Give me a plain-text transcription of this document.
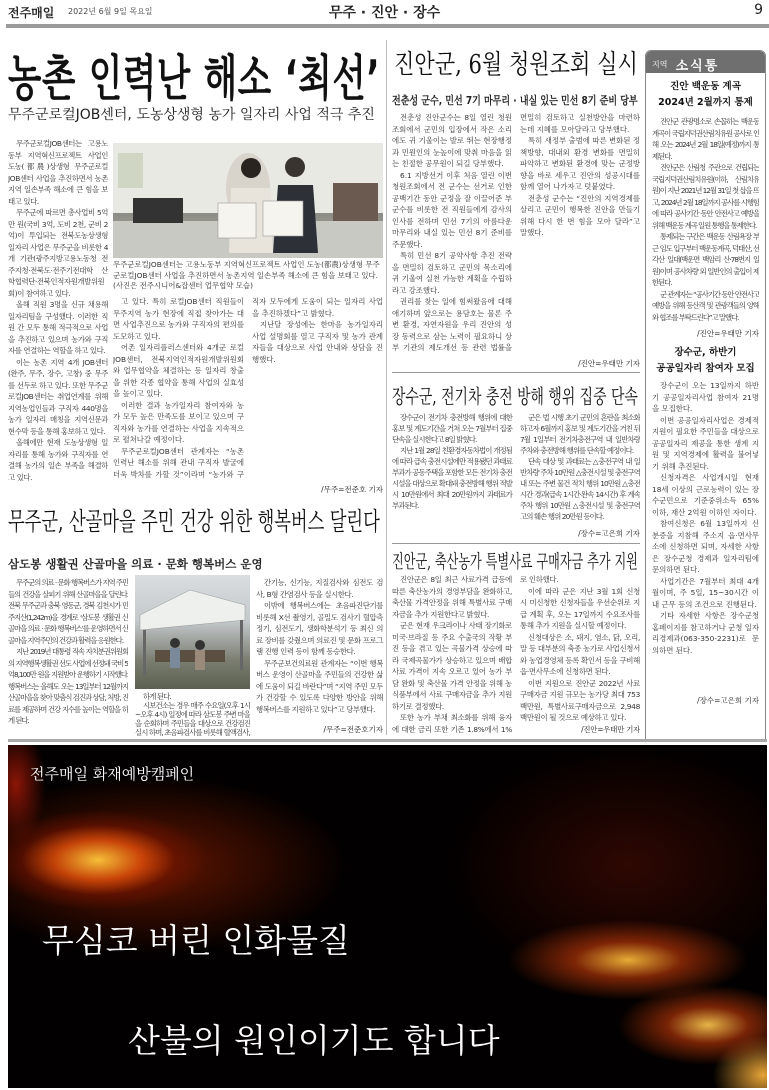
전주매일 2022년 6월 9일 목요일	무주 · 진안 · 장수	9
농촌 인력난 해소 ‘최선’
무주군로컬JOB센터, 도농상생형 농가 일자리 사업 적극 추진

무주군로컬JOB센터는 고용노동부 지역혁신프로젝트 사업인 도농(都農)상생형 무주군로컬JOB센터 사업을 추진하면서 농촌지역 일손부족 해소에 큰 힘을 보태고 있다.

무주군에 따르면 총사업비 5억 만 원(국비 3억, 도비 2천, 군비 2억)이 투입되는 전북도농상생형 일자리 사업은 무주군을 비롯한 4개 기관(광주지방고용노동청 전주지청·전북도·전주기전대학 산학협력단·전북인적자원개발위원회)이 참여하고 있다.

올해 직원 3명을 신규 채용해 일자리팀을 구성했다. 이러한 직원 간 모두 통해 적극적으로 사업을 추진하고 있으며 농가와 구직자를 연결하는 역할을 하고 있다.

이는 농촌 지역 4개 JOB센터(완주, 무주, 장수, 고창) 중 무주를 선두로 하고 있다. 또한 무주군로컬JOB센터는 취업연계를 위해 지역농업인들과 구직자 440명을 농가 일자리 매칭을 지역신문과 현수막 등을 통해 홍보하고 있다.

올해에만 현재 도농상생형 일자리를 통해 농가와 구직자를 연결해 농가의 일손 부족을 해결하고 있다.

무주군로컬JOB센터는 고용노동부 지역혁신프로젝트 사업인 도농(都農)상생형 무주군로컬JOB센터 사업을 추진하면서 농촌지역 일손부족 해소에 큰 힘을 보태고 있다.(사진은 전주시니어&잡센터 업무협약 모습)

고 있다. 특히 로컬JOB센터 직원들이 무주지역 농가 현장에 직접 찾아가는 대면 사업추진으로 농가와 구직자의 편의를 도모하고 있다.

어촌 일자리플러스센터와 4개군 로컬JOB센터, 전북지역인적자원개발위원회와 업무협약을 체결하는 등 일자리 창출을 위한 각종 협약을 통해 사업의 실효성을 높이고 있다.

이러한 결과 농가일자리 참여자와 농가 모두 높은 만족도를 보이고 있으며 구직자와 농가를 연결하는 사업을 지속적으로 펼쳐나갈 예정이다.

무주군로컬JOB센터 관계자는 “농촌 인력난 해소를 위해 관내 구직자 발굴에 더욱 박차를 가할 것”이라며 “농가와 구직자 모두에게 도움이 되는 일자리 사업을 추진하겠다”고 밝혔다.

지난달 장성에는 한마음 농가일자리 사업 설명회를 열고 구직자 및 농가 관계자들을 대상으로 사업 안내와 상담을 진행했다.

/무주=전준호 기자
무주군, 산골마을 주민 건강 위한 행복버스 달린다
삼도봉 생활권 산골마을 의료 · 문화 행복버스 운영

무주군의 의료 · 문화 행복버스가 지역 주민들의 건강을 살피기 위해 산골마을을 달린다. 전북 무주군과 충북 영동군, 경북 김천시가 민주지산(1,242m)을 경계로 ‘삼도봉 생활권 산골마을 의료 · 문화 행복버스’를 운영하면서 산골마을 지역주민의 건강과 활력을 응원한다.

지난 2019년 대통령 직속 자치분권위원회의 지역행복생활권 선도 사업에 선정돼 국비 5억8,100만 원을 지원받아 운행하기 시작했다. 행복버스는 올해도 오는 13일부터 12월까지 산골마을을 찾아 맞춤식 검진과 상담, 처방, 진료를 제공하며 건강 지수를 높이는 역할을 하게 된다.

하게 된다.

시보건소는 경우 매주 수요일(오후 1시~오후 4시) 일정에 따라 삼도봉 주변 마을을 순회하며 주민들을 대상으로 건강검진 실시 하며, 초음파검사를 비롯해 혈액검사,

간기능, 신기능, 지질검사와 심전도 검사, B형 간염검사 등을 실시한다.

이밖에 행복버스에는 초음파진단기를 비롯해 X선 촬영기, 골밀도 검사기 혈압측정기, 심전도기, 생화학분석기 등 최신 의료 장비를 갖췄으며 의료진 및 문화 프로그램 진행 인력 등이 함께 동승한다.

무주군보건의료원 관계자는 “이번 행복버스 운영이 산골마을 주민들의 건강한 삶에 도움이 되길 바란다”며 “지역 주민 모두가 건강할 수 있도록 다양한 방안을 위해 행복버스를 지원하고 있다”고 당부했다.

/무주=전준호기자
진안군, 6월 청원조회 실시
전춘성 군수, 민선 7기 마무리 · 내실 있는 민선 8기 준비 당부

전춘성 진안군수는 8일 열린 청원조회에서 군민의 입장에서 작은 소리에도 귀 기울이는 발로 뛰는 현장행정과 민원인의 눈높이에 맞춰 마음을 읽는 친절한 공무원이 되길 당부했다.

6.1 지방선거 이후 처음 열린 이번 청원조회에서 전 군수는 선거로 인한 공백기간 동안 군정을 잘 이끌어준 부군수를 비롯한 전 직원들에게 감사의 인사를 전하며 민선 7기의 아름다운 마무리와 내실 있는 민선 8기 준비를 주문했다.

특히 민선 8기 공약사항 추진 전략을 면밀히 검토하고 군민의 목소리에 귀 기울여 실천 가능한 계획을 수립하라고 강조했다.

권리를 찾는 일에 힘써왔음에 대해 애기하며 앞으로는 용담호는 물론 주변 환경, 자연자원을 우리 진안의 성장 동력으로 삼는 노력이 필요하니 상부 기관의 제도개선 등 관련 법률을 면밀히 검토하고 실천방안을 마련하는데 지혜를 모아달라고 당부했다.

특히 새정부 출범에 따른 변화된 정책방향, 대내외 환경 변화를 면밀히 파악하고 변화된 환경에 맞는 군정방향을 바로 세우고 진안의 성공시대를 함께 열어 나가자고 덧붙였다.

전춘성 군수는 “진안의 지역경제를 살리고 군민이 행복한 진안을 만들기 위해 다시 한 번 힘을 모아 달라”고 말했다.

/진안=우태만 기자
장수군, 전기차 충전 방해 행위 집중 단속

장수군이 전기차 충전방해 행위에 대한 홍보 및 계도기간을 거쳐 오는 7월부터 집중 단속을 실시한다고 8일 밝혔다.

지난 1월 28일 친환경자동차법이 개정됨에 따라 급속 충전시설에만 적용됐던 과태료 부과가 공동주택을 포함한 모든 전기차 충전시설을 대상으로 확대돼 충전방해 행위 적발 시 10만원에서 최대 20만원까지 과태료가 부과된다.

군은 법 시행 초기 군민의 혼란을 최소화하고자 6월까지 홍보 및 계도기간을 거친 뒤 7월 1일부터 전기차충전구역 내 일반차량 주차와 충전방해 행위를 단속할 예정이다.

단속 대상 및 과태료는 △충전구역 내 일반차량 주차 10만원 △충전시설 및 충전구역 내 또는 주변 물건 적치 행위 10만원 △충전 시간 경과(급속 1시간·완속 14시간) 후 계속 주차 행위 10만원 △충전시설 및 충전구역 고의 훼손 행위 20만원 등이다.

/장수=고은희 기자
진안군, 축산농가 특별사료 구매자금 추가 지원

진안군은 8일 최근 사료가격 급등에 따른 축산농가의 경영부담을 완화하고, 축산물 가격안정을 위해 특별사료 구매자금을 추가 지원한다고 밝혔다.

군은 현재 우크라이나 사태 장기화로 미국·브라질 등 주요 수출국의 작황 부진 등을 겪고 있는 곡물가격 상승에 따라 국제곡물가가 상승하고 있으며 배합사료 가격이 지속 오르고 있어 농가 부담 완화 및 축산물 가격 안정을 위해 농식품부에서 사료 구매자금을 추가 지원하기로 결정했다.

또한 농가 부채 최소화를 위해 융자에 대한 금리 또한 기존 1.8%에서 1%로 인하했다.

이에 따라 군은 지난 3월 1회 신청 시 미신청한 신청자들을 우선순위로 지급 계획 후, 오는 17일까지 수요조사를 통해 추가 지원을 실시할 예정이다.

신청대상은 소, 돼지, 염소, 닭, 오리, 말 등 대부분의 축종 농가로 사업신청서와 농업경영체 등록 확인서 등을 구비해 읍·면사무소에 신청하면 된다.

이번 지원으로 진안군 2022년 사료 구매자금 지원 규모는 농가당 최대 753백만원, 특별사료구매자금으로 2,948백만원이 될 것으로 예상하고 있다.

/진안=우태만 기자
지역 소식통
진안 백운동 계곡
2024년 2월까지 통제

진안군 관광명소로 손꼽히는 백운동 계곡이 국립지덕권산림치유원 공사로 인해 오는 2024년 2월 18일(예정)까지 통제된다.

진안군은 산림청 주관으로 건립되는 국립지덕권산림치유원(이하, 산림치유원)이 지난 2021년 12월 31일 첫 삽을 뜨고, 2024년 2월 18일까지 공사를 시행함에 따라 공사기간 동안 안전사고 예방을 위해 백운동 계곡 일원 통행을 통제한다.

통제되는 구간은 백운동 산림욕장 부근 임도 입구부터 백운동계곡, 덕태산, 선각산 일대(백운면 백암리 산·78번지 일원)이며 공사차량 외 일반인의 출입이 제한된다.

군 관계자는 “공사기간 동안 안전사고 예방을 위해 등산객 및 관광객들의 양해와 협조를 부탁드린다”고 말했다.

/진안=우태만 기자
장수군, 하반기
공공일자리 참여자 모집

장수군이 오는 13일까지 하반기 공공일자리사업 참여자 21명을 모집한다.

이번 공공일자리사업은 경제적 지원이 필요한 주민들을 대상으로 공공일자리 제공을 통한 생계 지원 및 지역경제에 활력을 불어넣기 위해 추진된다.

신청자격은 사업개시일 현재 18세 이상의 근로능력이 있는 장수군민으로 기준중위소득 65% 이하, 재산 2억원 이하인 자이다.

참여신청은 6월 13일까지 신분증을 지참해 주소지 읍·면사무소에 신청하면 되며, 자세한 사항은 장수군청 경제과 일자리팀에 문의하면 된다.

사업기간은 7월부터 최대 4개월이며, 주 5일, 15~30시간 이내 근무 등의 조건으로 진행된다.

기타 자세한 사항은 장수군청 홈페이지를 참고하거나 군청 일자리경제과(063-350-2231)로 문의하면 된다.

/장수=고은희 기자
전주매일 화재예방캠페인
무심코 버린 인화물질
산불의 원인이기도 합니다
